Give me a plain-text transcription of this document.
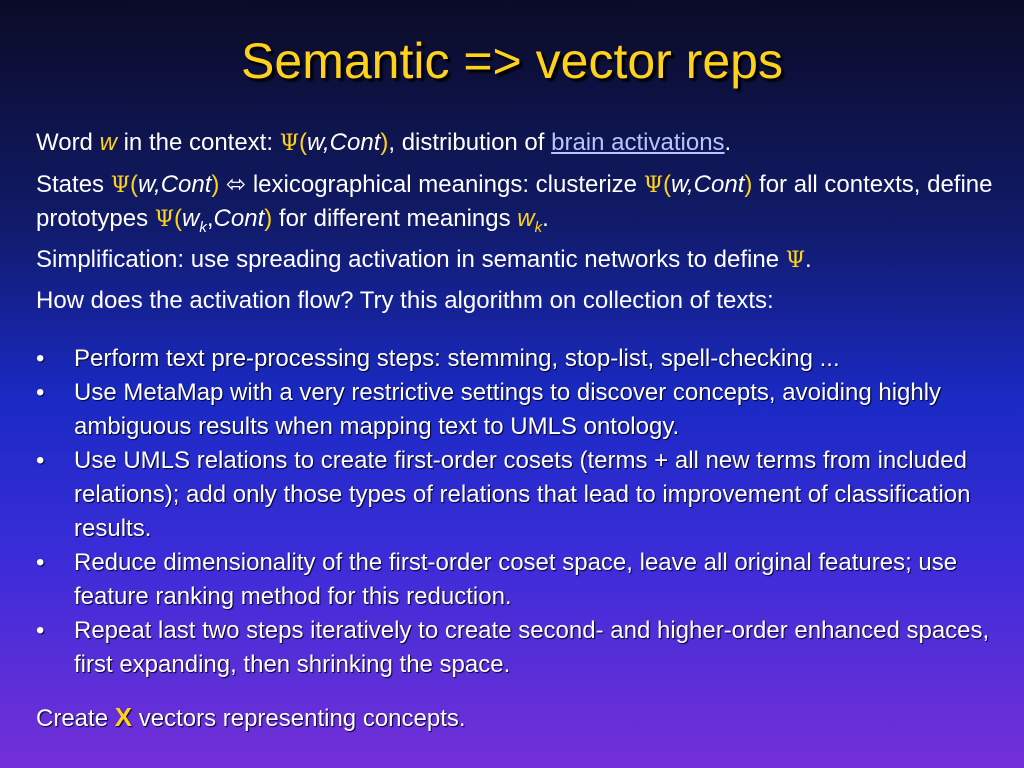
Semantic => vector reps
Word w in the context: Ψ(w,Cont), distribution of brain activations.
States Ψ(w,Cont) ⬄ lexicographical meanings: clusterize Ψ(w,Cont) for all contexts, define prototypes $\Psi(w_k,Cont)$ for different meanings $w_k$.
Simplification: use spreading activation in semantic networks to define Ψ.
How does the activation flow? Try this algorithm on collection of texts:
• Perform text pre-processing steps: stemming, stop-list, spell-checking ...
• Use MetaMap with a very restrictive settings to discover concepts, avoiding highly ambiguous results when mapping text to UMLS ontology.
• Use UMLS relations to create first-order cosets (terms + all new terms from included relations); add only those types of relations that lead to improvement of classification results.
• Reduce dimensionality of the first-order coset space, leave all original features; use feature ranking method for this reduction.
• Repeat last two steps iteratively to create second- and higher-order enhanced spaces, first expanding, then shrinking the space.
Create X vectors representing concepts.
